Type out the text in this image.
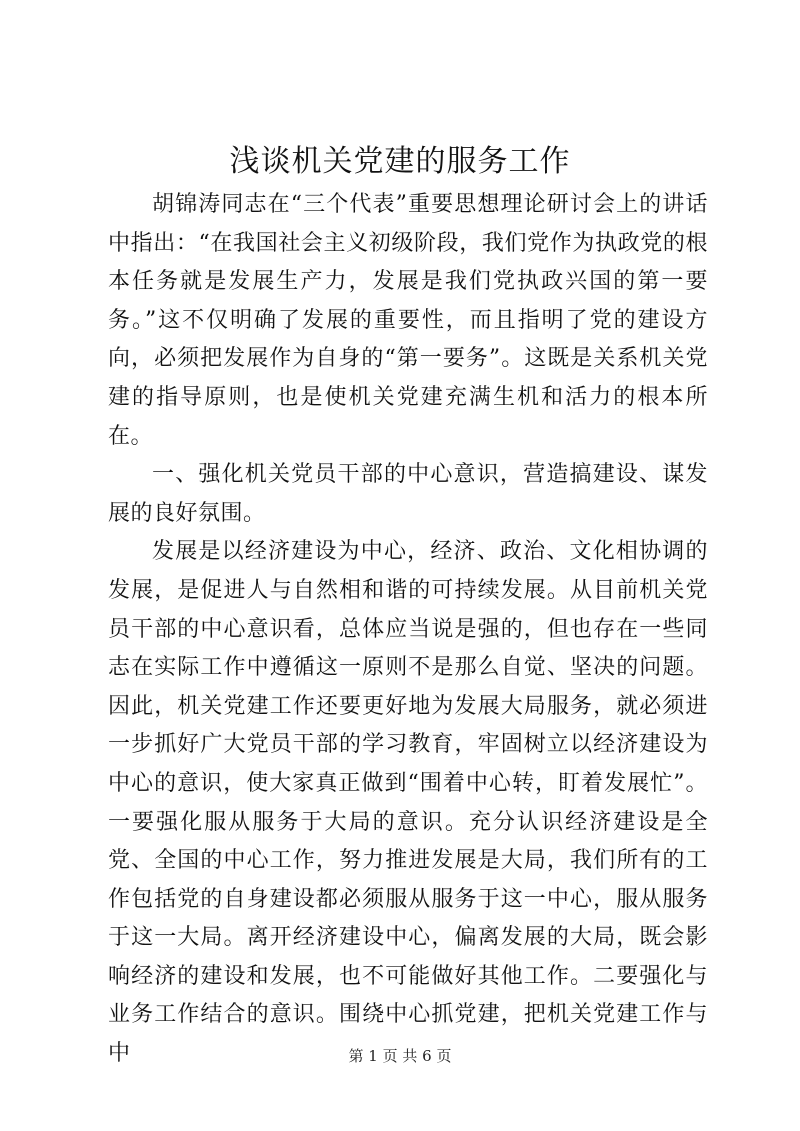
浅谈机关党建的服务工作

胡锦涛同志在“三个代表”重要思想理论研讨会上的讲话中指出：“在我国社会主义初级阶段，我们党作为执政党的根本任务就是发展生产力，发展是我们党执政兴国的第一要务。”这不仅明确了发展的重要性，而且指明了党的建设方向，必须把发展作为自身的“第一要务”。这既是关系机关党建的指导原则，也是使机关党建充满生机和活力的根本所在。

一、强化机关党员干部的中心意识，营造搞建设、谋发展的良好氛围。

发展是以经济建设为中心，经济、政治、文化相协调的发展，是促进人与自然相和谐的可持续发展。从目前机关党员干部的中心意识看，总体应当说是强的，但也存在一些同志在实际工作中遵循这一原则不是那么自觉、坚决的问题。因此，机关党建工作还要更好地为发展大局服务，就必须进一步抓好广大党员干部的学习教育，牢固树立以经济建设为中心的意识，使大家真正做到“围着中心转，盯着发展忙”。一要强化服从服务于大局的意识。充分认识经济建设是全党、全国的中心工作，努力推进发展是大局，我们所有的工作包括党的自身建设都必须服从服务于这一中心，服从服务于这一大局。离开经济建设中心，偏离发展的大局，既会影响经济的建设和发展，也不可能做好其他工作。二要强化与业务工作结合的意识。围绕中心抓党建，把机关党建工作与中	第 1 页 共 6 页
